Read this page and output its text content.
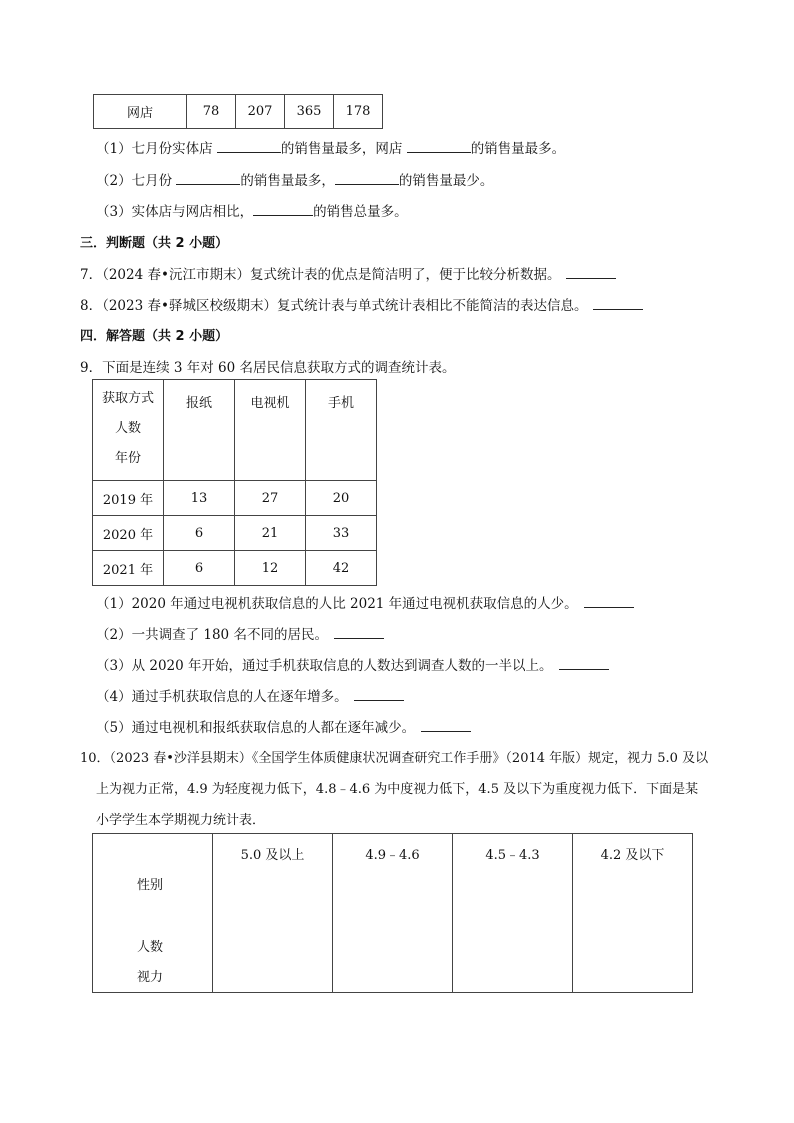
网店	78	207	365	178
（1）七月份实体店	的销售量最多，网店	的销售量最多。
（2）七月份	的销售量最多，	的销售量最少。
（3）实体店与网店相比，	的销售总量多。
三．判断题（共 2 小题）
7．（2024 春•沅江市期末）复式统计表的优点是简洁明了，便于比较分析数据。
8．（2023 春•驿城区校级期末）复式统计表与单式统计表相比不能简洁的表达信息。
四．解答题（共 2 小题）
9．下面是连续 3 年对 60 名居民信息获取方式的调查统计表。
获取方式
人数
年份	报纸	电视机	手机
2019 年	13	27	20
2020 年	6	21	33
2021 年	6	12	42
（1）2020 年通过电视机获取信息的人比 2021 年通过电视机获取信息的人少。
（2）一共调查了 180 名不同的居民。
（3）从 2020 年开始，通过手机获取信息的人数达到调查人数的一半以上。
（4）通过手机获取信息的人在逐年增多。
（5）通过电视机和报纸获取信息的人都在逐年减少。
10．（2023 春•沙洋县期末）《全国学生体质健康状况调查研究工作手册》（2014 年版）规定，视力 5.0 及以
上为视力正常，4.9 为轻度视力低下，4.8﹣4.6 为中度视力低下，4.5 及以下为重度视力低下．下面是某
小学学生本学期视力统计表．
性别
人数
视力
	5.0 及以上	4.9﹣4.6	4.5﹣4.3	4.2 及以下
